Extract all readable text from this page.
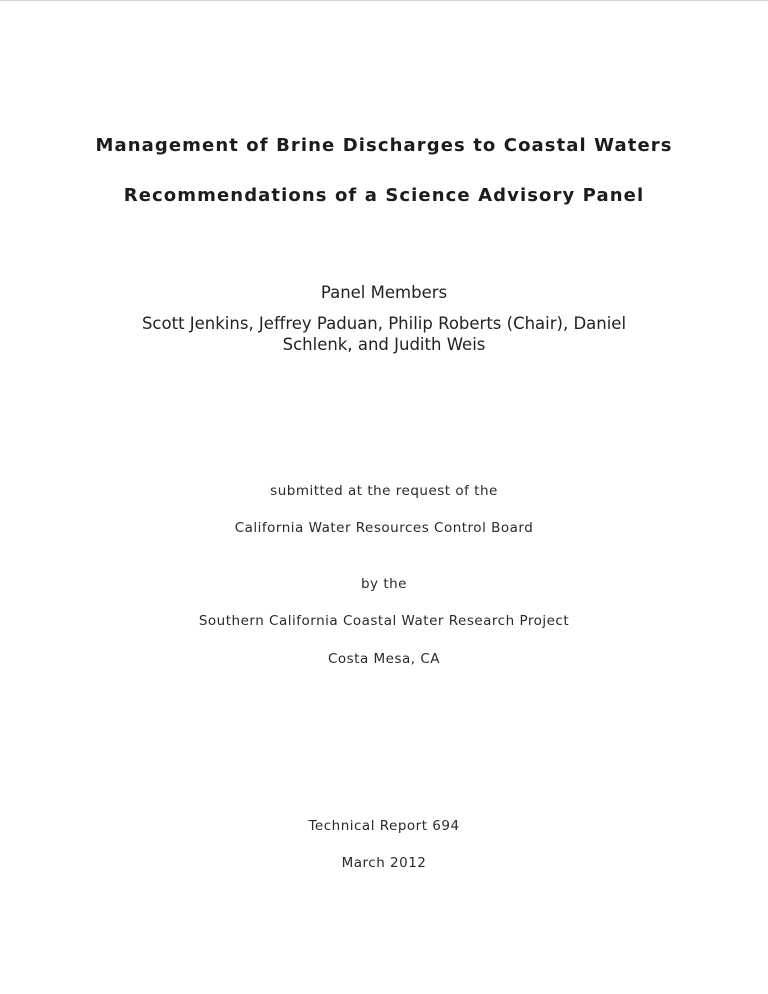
Management of Brine Discharges to Coastal Waters
Recommendations of a Science Advisory Panel
Panel Members
Scott Jenkins, Jeffrey Paduan, Philip Roberts (Chair), Daniel
Schlenk, and Judith Weis
submitted at the request of the
California Water Resources Control Board
by the
Southern California Coastal Water Research Project
Costa Mesa, CA
Technical Report 694
March 2012
